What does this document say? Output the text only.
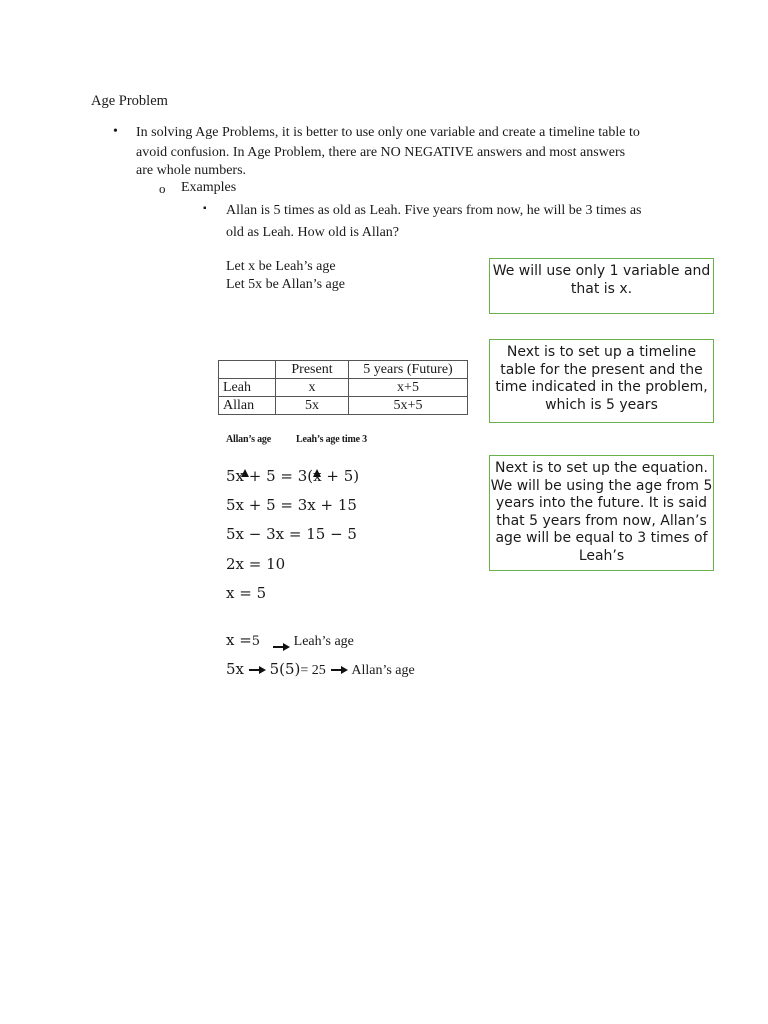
Age Problem
• In solving Age Problems, it is better to use only one variable and create a timeline table to
avoid confusion. In Age Problem, there are NO NEGATIVE answers and most answers
are whole numbers.
o Examples
▪ Allan is 5 times as old as Leah. Five years from now, he will be 3 times as
old as Leah. How old is Allan?
Let x be Leah’s age
Let 5x be Allan’s age
We will use only 1 variable and that is x.
Next is to set up a timeline table for the present and the time indicated in the problem, which is 5 years
Next is to set up the equation. We will be using the age from 5 years into the future. It is said that 5 years from now, Allan’s age will be equal to 3 times of Leah’s
	Present	5 years (Future)
Leah	x	x+5
Allan	5x	5x+5
Allan’s age	Leah’s age time 3
5x + 5 = 3(x + 5)
5x + 5 = 3x + 15
5x − 3x = 15 − 5
2x = 10
x = 5
x =5 Leah’s age
5x 5(5)= 25 Allan’s age
